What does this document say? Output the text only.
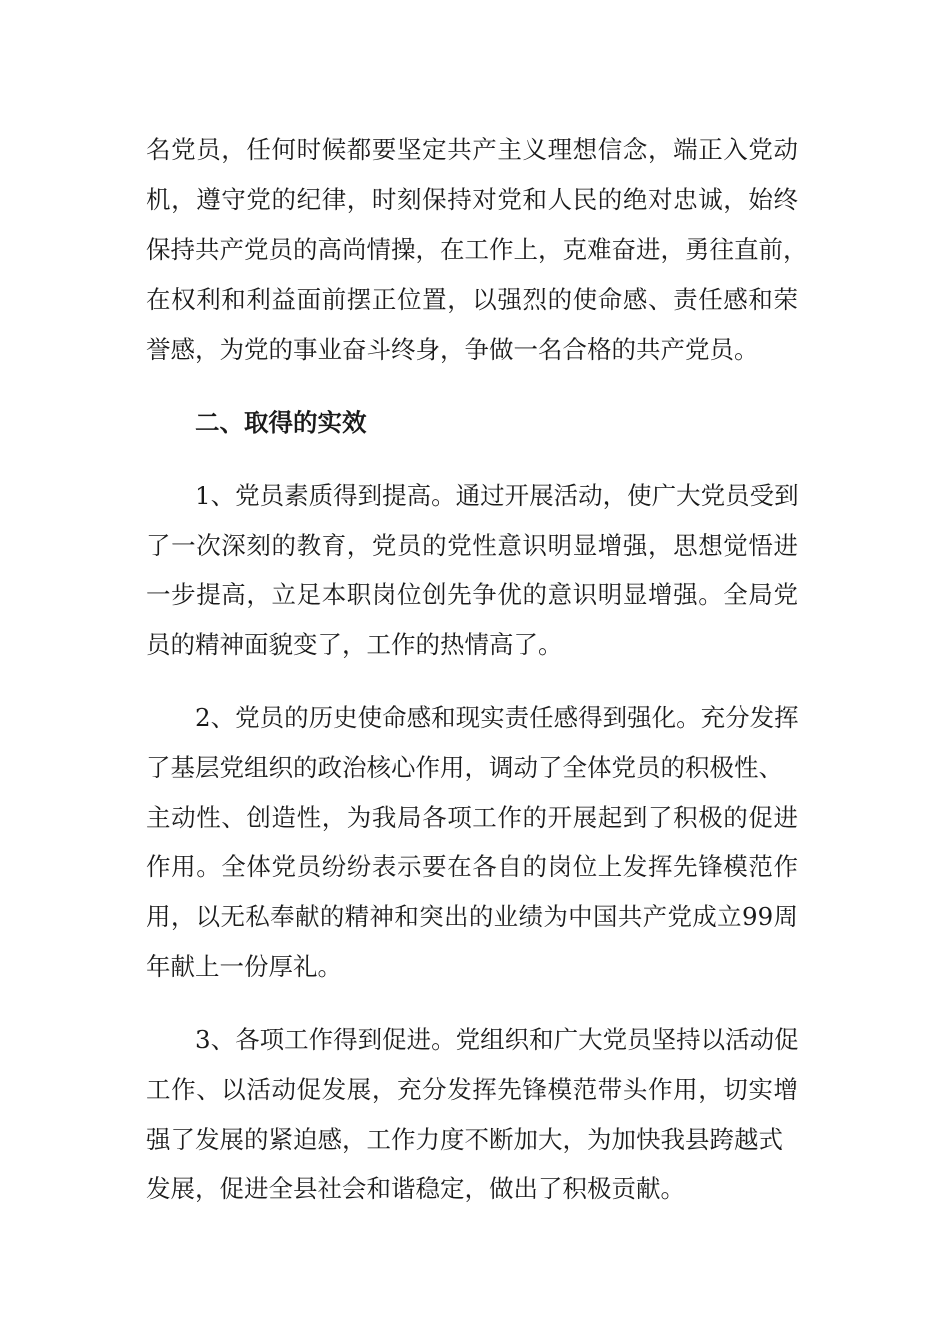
名党员，任何时候都要坚定共产主义理想信念，端正入党动

机，遵守党的纪律，时刻保持对党和人民的绝对忠诚，始终

保持共产党员的高尚情操，在工作上，克难奋进，勇往直前，

在权利和利益面前摆正位置，以强烈的使命感、责任感和荣

誉感，为党的事业奋斗终身，争做一名合格的共产党员。

二、取得的实效

1、党员素质得到提高。通过开展活动，使广大党员受到

了一次深刻的教育，党员的党性意识明显增强，思想觉悟进

一步提高，立足本职岗位创先争优的意识明显增强。全局党

员的精神面貌变了，工作的热情高了。

2、党员的历史使命感和现实责任感得到强化。充分发挥

了基层党组织的政治核心作用，调动了全体党员的积极性、

主动性、创造性，为我局各项工作的开展起到了积极的促进

作用。全体党员纷纷表示要在各自的岗位上发挥先锋模范作

用，以无私奉献的精神和突出的业绩为中国共产党成立99周

年献上一份厚礼。

3、各项工作得到促进。党组织和广大党员坚持以活动促

工作、以活动促发展，充分发挥先锋模范带头作用，切实增

强了发展的紧迫感，工作力度不断加大，为加快我县跨越式

发展，促进全县社会和谐稳定，做出了积极贡献。
